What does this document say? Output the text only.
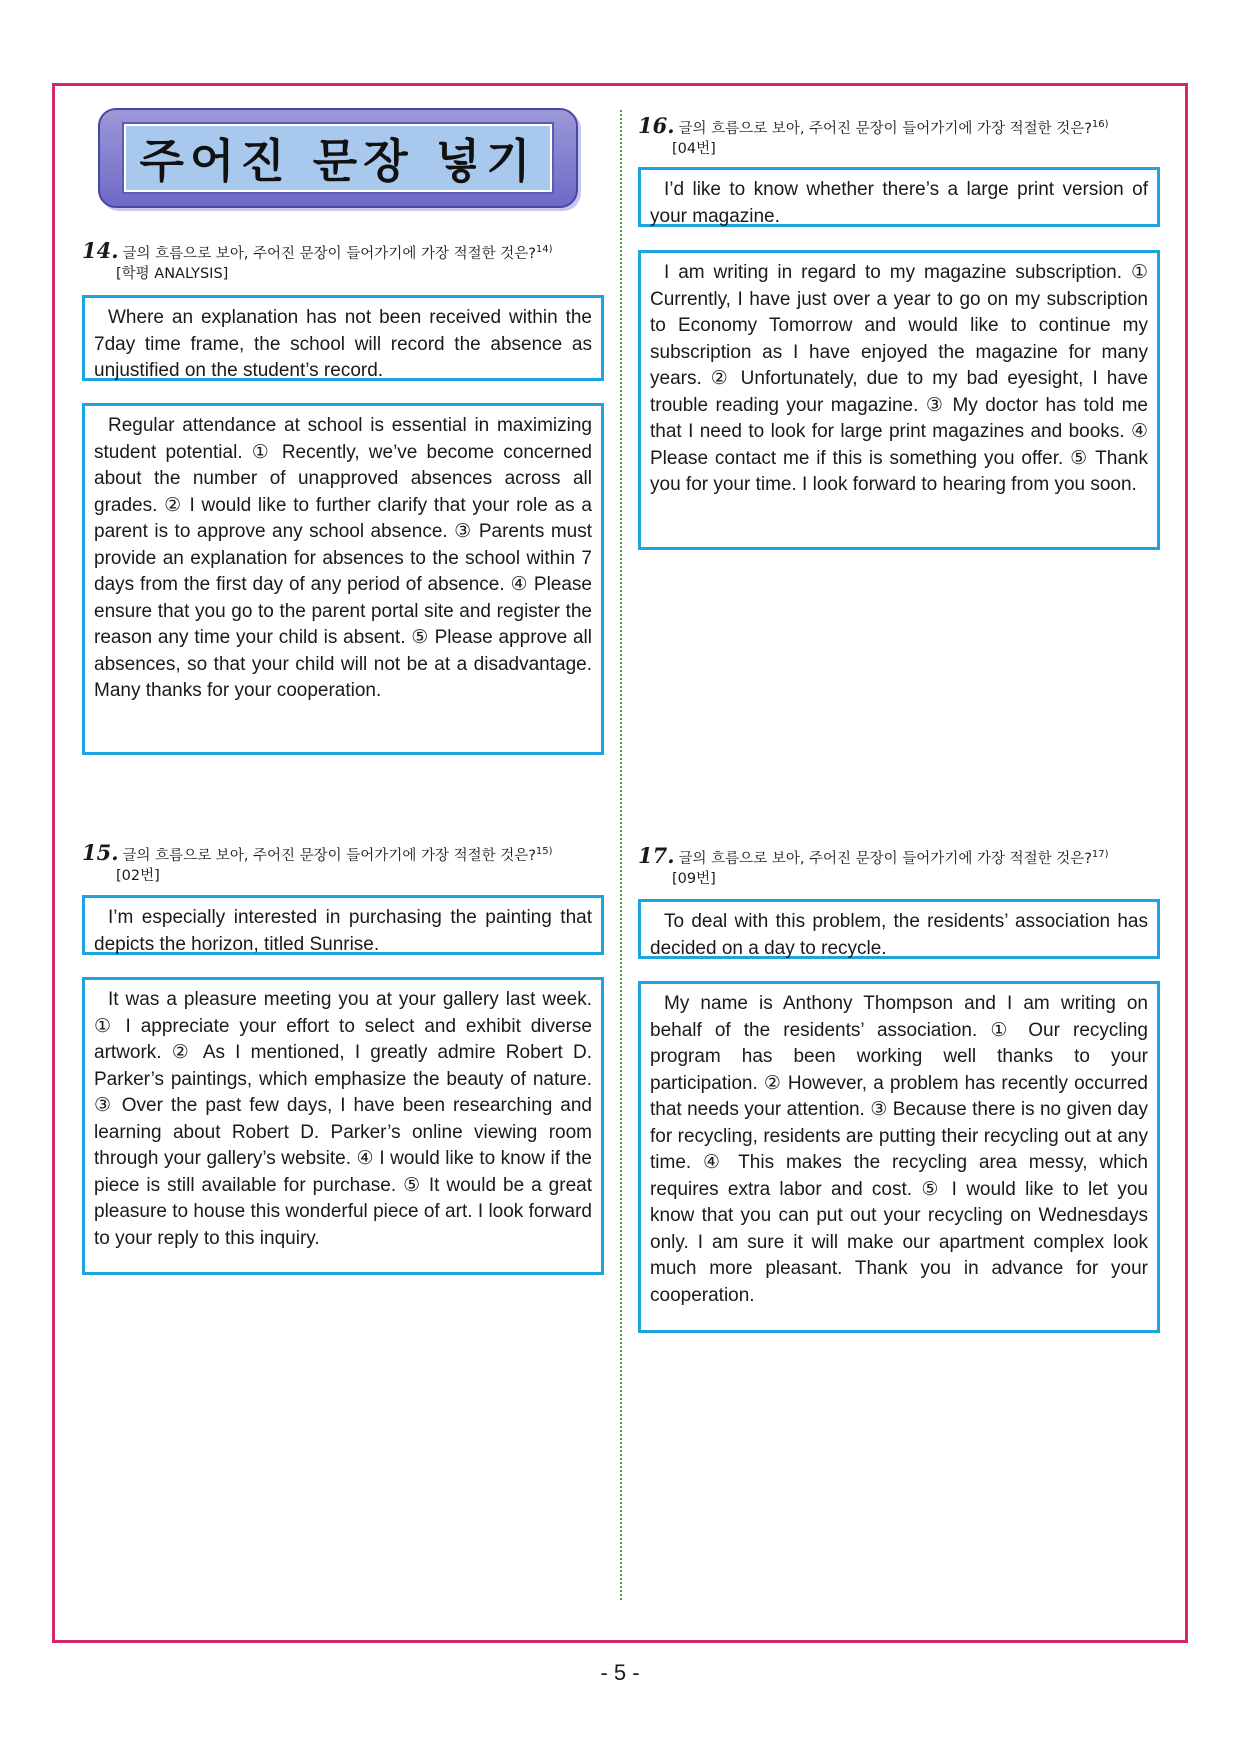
주어진 문장 넣기
14. 글의 흐름으로 보아, 주어진 문장이 들어가기에 가장 적절한 것은?$^{14)}$
[학평 ANALYSIS]
Where an explanation has not been received within the 7day time frame, the school will record the absence as unjustified on the student’s record.
Regular attendance at school is essential in maximizing student potential. ① Recently, we’ve become concerned about the number of unapproved absences across all grades. ② I would like to further clarify that your role as a parent is to approve any school absence. ③ Parents must provide an explanation for absences to the school within 7 days from the first day of any period of absence. ④ Please ensure that you go to the parent portal site and register the reason any time your child is absent. ⑤ Please approve all absences, so that your child will not be at a disadvantage. Many thanks for your cooperation.
15. 글의 흐름으로 보아, 주어진 문장이 들어가기에 가장 적절한 것은?$^{15)}$
[02번]
I’m especially interested in purchasing the painting that depicts the horizon, titled Sunrise.
It was a pleasure meeting you at your gallery last week. ① I appreciate your effort to select and exhibit diverse artwork. ② As I mentioned, I greatly admire Robert D. Parker’s paintings, which emphasize the beauty of nature. ③ Over the past few days, I have been researching and learning about Robert D. Parker’s online viewing room through your gallery’s website. ④ I would like to know if the piece is still available for purchase. ⑤ It would be a great pleasure to house this wonderful piece of art. I look forward to your reply to this inquiry.
16. 글의 흐름으로 보아, 주어진 문장이 들어가기에 가장 적절한 것은?$^{16)}$
[04번]
I’d like to know whether there’s a large print version of your magazine.
I am writing in regard to my magazine subscription. ① Currently, I have just over a year to go on my subscription to Economy Tomorrow and would like to continue my subscription as I have enjoyed the magazine for many years. ② Unfortunately, due to my bad eyesight, I have trouble reading your magazine. ③ My doctor has told me that I need to look for large print magazines and books. ④ Please contact me if this is something you offer. ⑤ Thank you for your time. I look forward to hearing from you soon.
17. 글의 흐름으로 보아, 주어진 문장이 들어가기에 가장 적절한 것은?$^{17)}$
[09번]
To deal with this problem, the residents’ association has decided on a day to recycle.
My name is Anthony Thompson and I am writing on behalf of the residents’ association. ① Our recycling program has been working well thanks to your participation. ② However, a problem has recently occurred that needs your attention. ③ Because there is no given day for recycling, residents are putting their recycling out at any time. ④ This makes the recycling area messy, which requires extra labor and cost. ⑤ I would like to let you know that you can put out your recycling on Wednesdays only. I am sure it will make our apartment complex look much more pleasant. Thank you in advance for your cooperation.
- 5 -
